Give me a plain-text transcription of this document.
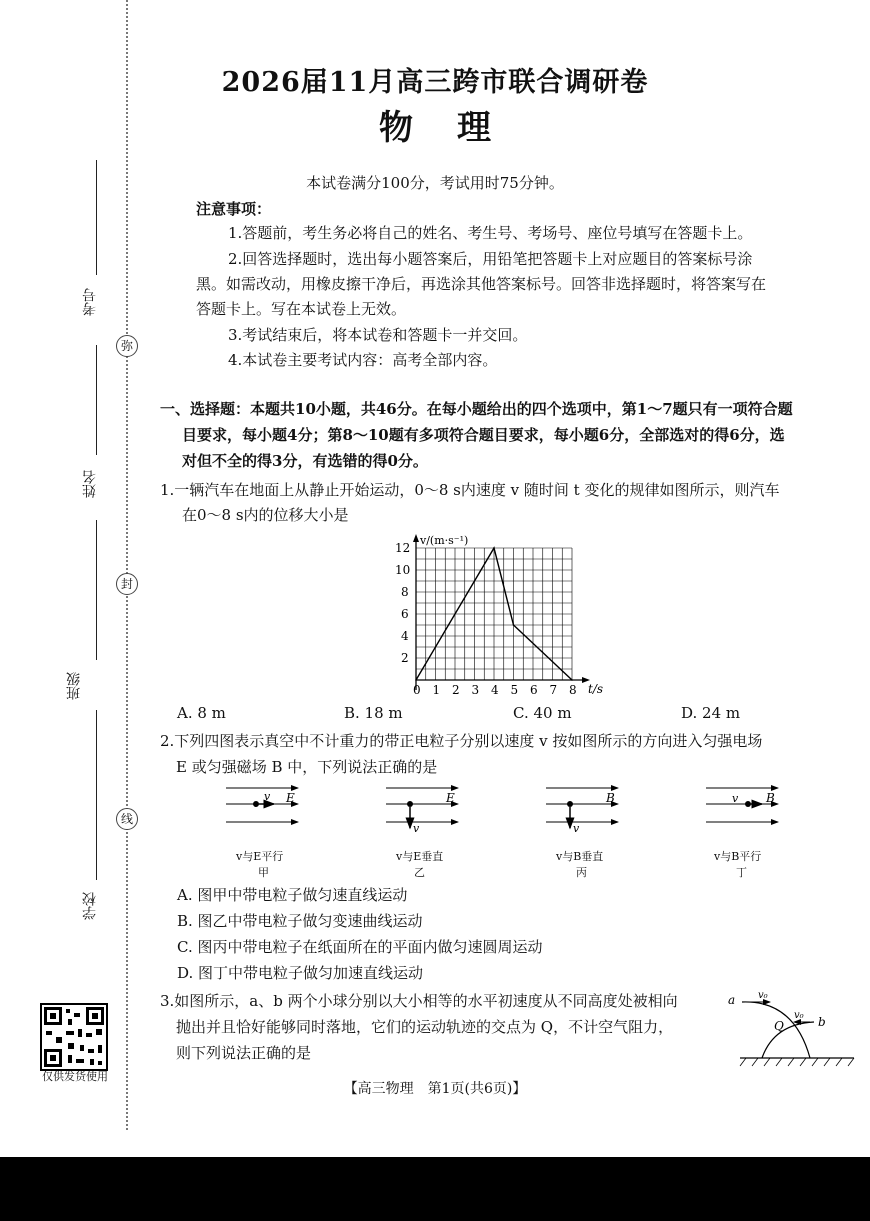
弥
封
线
考号
姓名
班级
学校
仅供发货使用
2026届11月高三跨市联合调研卷
物理
本试卷满分100分，考试用时75分钟。
注意事项：
1.答题前，考生务必将自己的姓名、考生号、考场号、座位号填写在答题卡上。
2.回答选择题时，选出每小题答案后，用铅笔把答题卡上对应题目的答案标号涂
黑。如需改动，用橡皮擦干净后，再选涂其他答案标号。回答非选择题时，将答案写在
答题卡上。写在本试卷上无效。
3.考试结束后，将本试卷和答题卡一并交回。
4.本试卷主要考试内容：高考全部内容。
一、选择题：本题共10小题，共46分。在每小题给出的四个选项中，第1～7题只有一项符合题
目要求，每小题4分；第8～10题有多项符合题目要求，每小题6分，全部选对的得6分，选
对但不全的得3分，有选错的得0分。
1.一辆汽车在地面上从静止开始运动，0～8 s内速度 v 随时间 t 变化的规律如图所示，则汽车
在0～8 s内的位移大小是
v/(m·s⁻¹)
t/s
0 1 2 3 4 5 6 7 8
2
4
6
8
10
12
A. 8 m	B. 18 m	C. 40 m	D. 24 m
2.下列四图表示真空中不计重力的带正电粒子分别以速度 v 按如图所示的方向进入匀强电场
E 或匀强磁场 B 中，下列说法正确的是
v E
v与E平行
甲
v
E
v与E垂直
乙
v
B
v与B垂直
丙
v B
v与B平行
丁
A. 图甲中带电粒子做匀速直线运动
B. 图乙中带电粒子做匀变速曲线运动
C. 图丙中带电粒子在纸面所在的平面内做匀速圆周运动
D. 图丁中带电粒子做匀加速直线运动
3.如图所示，a、b 两个小球分别以大小相等的水平初速度从不同高度处被相向
抛出并且恰好能够同时落地，它们的运动轨迹的交点为 Q，不计空气阻力，
则下列说法正确的是
a v₀
v₀ b
Q
【高三物理　第1页(共6页)】
